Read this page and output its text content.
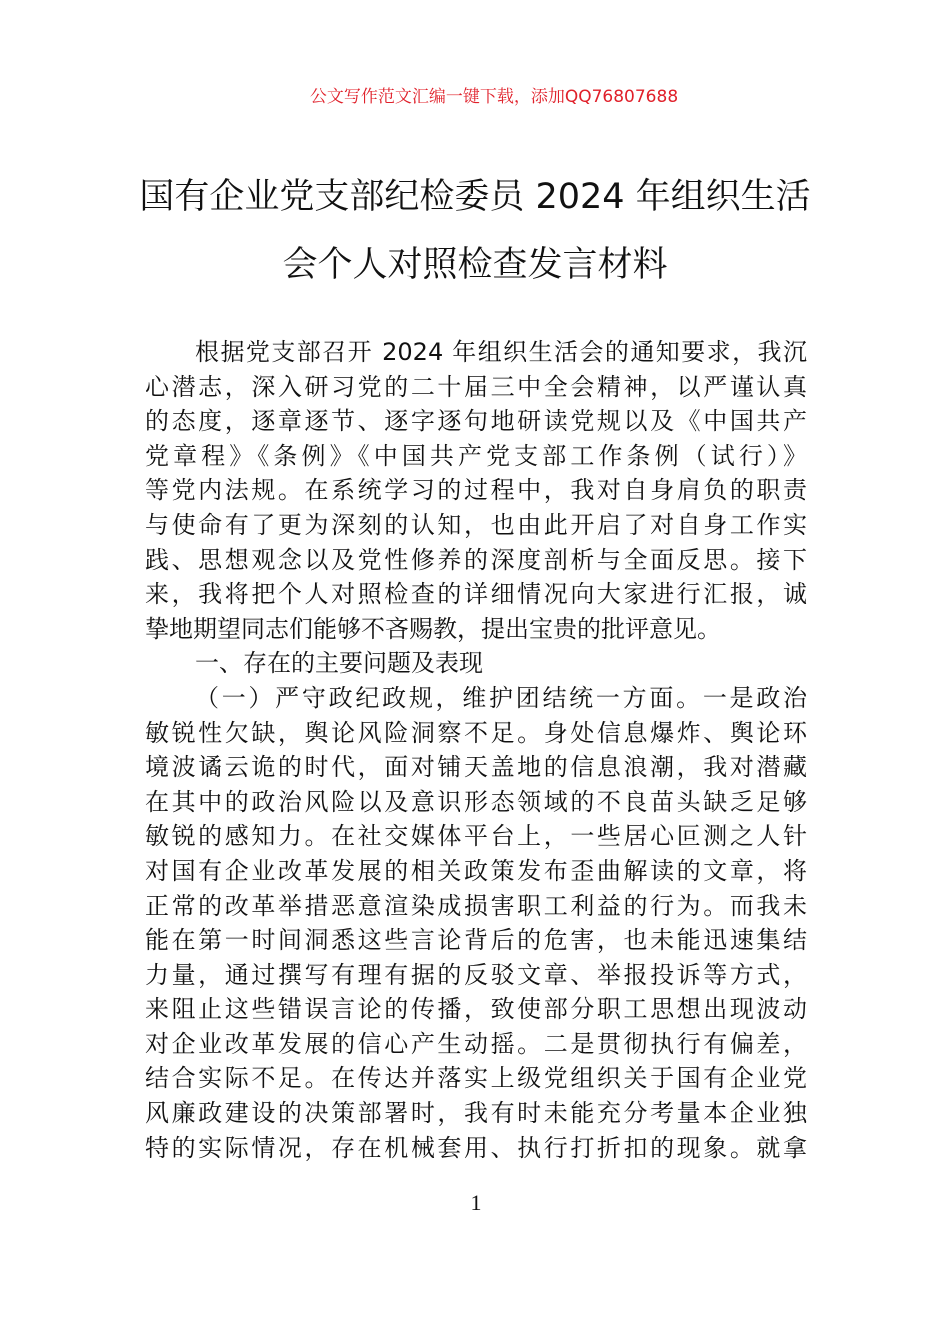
公文写作范文汇编一键下载，添加QQ76807688
国有企业党支部纪检委员 2024 年组织生活
会个人对照检查发言材料
根据党支部召开 2024 年组织生活会的通知要求，我沉
心潜志，深入研习党的二十届三中全会精神，以严谨认真
的态度，逐章逐节、逐字逐句地研读党规以及《中国共产
党章程》《条例》《中国共产党支部工作条例（试行）》
等党内法规。在系统学习的过程中，我对自身肩负的职责
与使命有了更为深刻的认知，也由此开启了对自身工作实
践、思想观念以及党性修养的深度剖析与全面反思。接下
来，我将把个人对照检查的详细情况向大家进行汇报，诚
挚地期望同志们能够不吝赐教，提出宝贵的批评意见。
一、存在的主要问题及表现
（一）严守政纪政规，维护团结统一方面。一是政治
敏锐性欠缺，舆论风险洞察不足。身处信息爆炸、舆论环
境波谲云诡的时代，面对铺天盖地的信息浪潮，我对潜藏
在其中的政治风险以及意识形态领域的不良苗头缺乏足够
敏锐的感知力。在社交媒体平台上，一些居心叵测之人针
对国有企业改革发展的相关政策发布歪曲解读的文章，将
正常的改革举措恶意渲染成损害职工利益的行为。而我未
能在第一时间洞悉这些言论背后的危害，也未能迅速集结
力量，通过撰写有理有据的反驳文章、举报投诉等方式，
来阻止这些错误言论的传播，致使部分职工思想出现波动
对企业改革发展的信心产生动摇。二是贯彻执行有偏差，
结合实际不足。在传达并落实上级党组织关于国有企业党
风廉政建设的决策部署时，我有时未能充分考量本企业独
特的实际情况，存在机械套用、执行打折扣的现象。就拿
1
